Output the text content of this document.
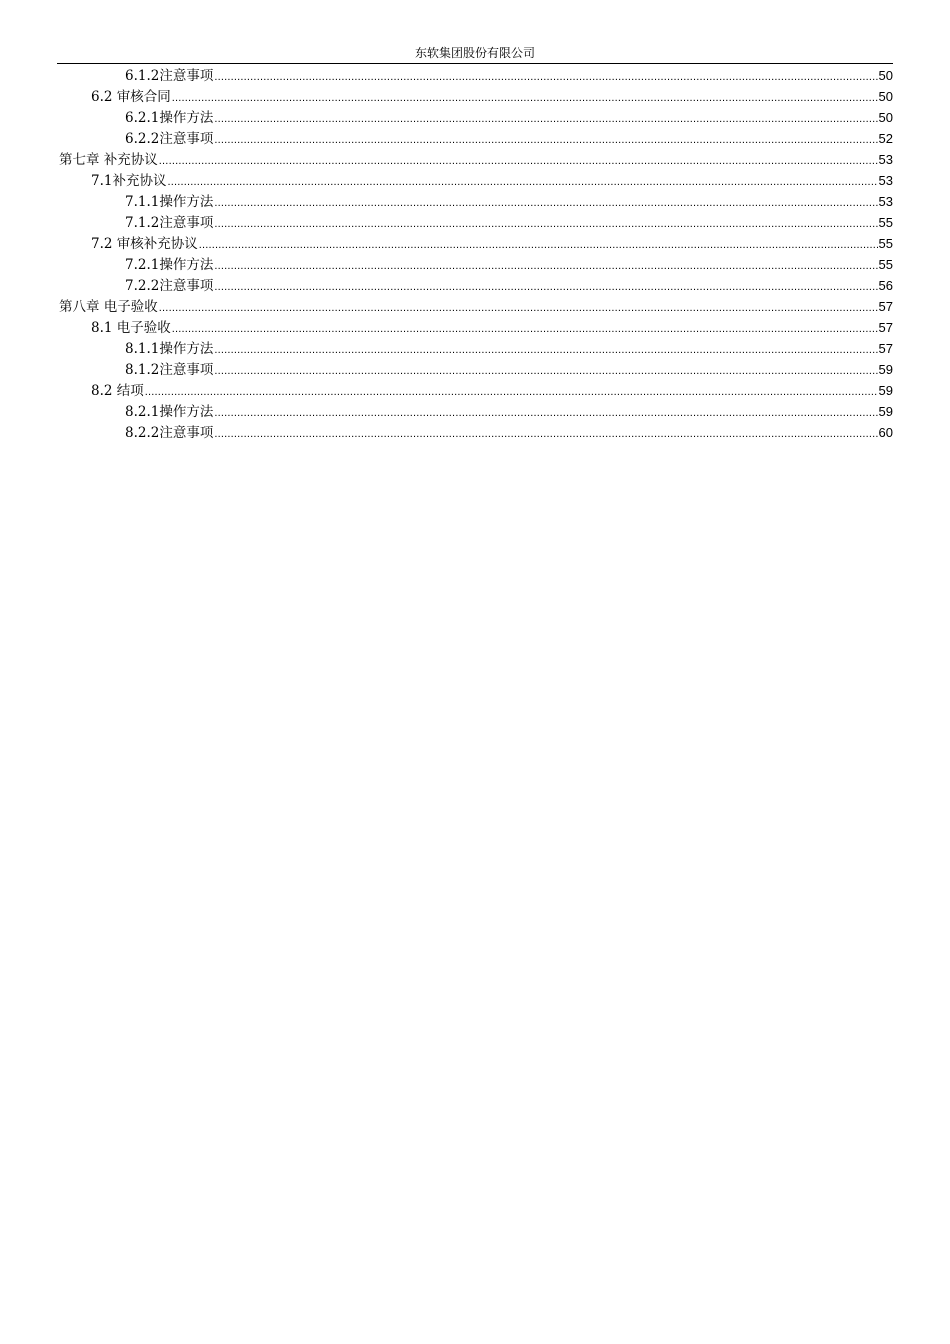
东软集团股份有限公司
6.1.2注意事项 .....	50
6.2 审核合同 .....	50
6.2.1操作方法 .....	50
6.2.2注意事项 .....	52
第七章 补充协议 .....	53
7.1补充协议 .....	53
7.1.1操作方法 .....	53
7.1.2注意事项 .....	55
7.2 审核补充协议 .....	55
7.2.1操作方法 .....	55
7.2.2注意事项 .....	56
第八章 电子验收 .....	57
8.1 电子验收 .....	57
8.1.1操作方法 .....	57
8.1.2注意事项 .....	59
8.2 结项 .....	59
8.2.1操作方法 .....	59
8.2.2注意事项 .....	60
